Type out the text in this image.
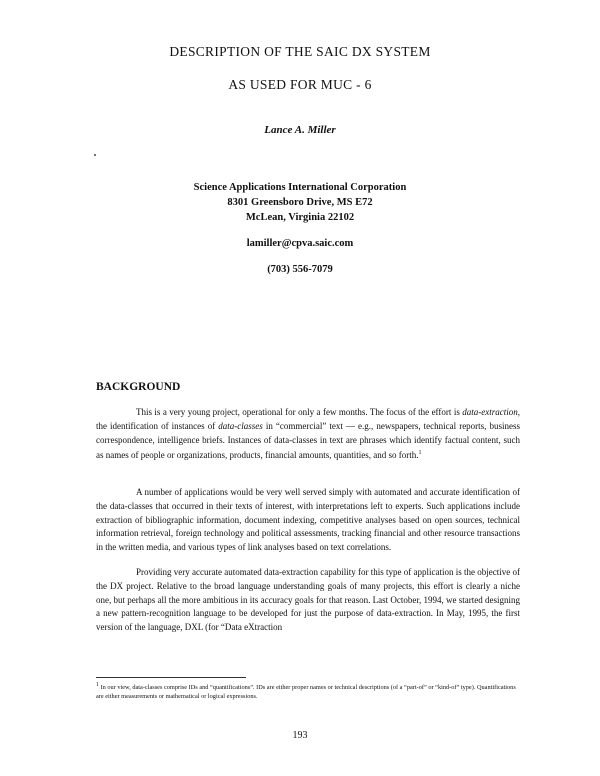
DESCRIPTION OF THE SAIC DX SYSTEM
AS USED FOR MUC - 6
Lance A. Miller
Science Applications International Corporation
8301 Greensboro Drive, MS E72
McLean, Virginia 22102
lamiller@cpva.saic.com
(703) 556-7079
BACKGROUND

This is a very young project, operational for only a few months. The focus of the effort is data-extraction, the identification of instances of data-classes in “commercial” text — e.g., newspapers, technical reports, business correspondence, intelligence briefs. Instances of data-classes in text are phrases which identify factual content, such as names of people or organizations, products, financial amounts, quantities, and so forth.$^1$

A number of applications would be very well served simply with automated and accurate identification of the data-classes that occurred in their texts of interest, with interpretations left to experts. Such applications include extraction of bibliographic information, document indexing, competitive analyses based on open sources, technical information retrieval, foreign technology and political assessments, tracking financial and other resource transactions in the written media, and various types of link analyses based on text correlations.

Providing very accurate automated data-extraction capability for this type of application is the objective of the DX project. Relative to the broad language understanding goals of many projects, this effort is clearly a niche one, but perhaps all the more ambitious in its accuracy goals for that reason. Last October, 1994, we started designing a new pattern-recognition language to be developed for just the purpose of data-extraction. In May, 1995, the first version of the language, DXL (for “Data eXtraction

$^1$ In our view, data-classes comprise IDs and “quantifications”. IDs are either proper names or technical descriptions (of a “part-of” or “kind-of” type). Quantifications are either measurements or mathematical or logical expressions.
193
